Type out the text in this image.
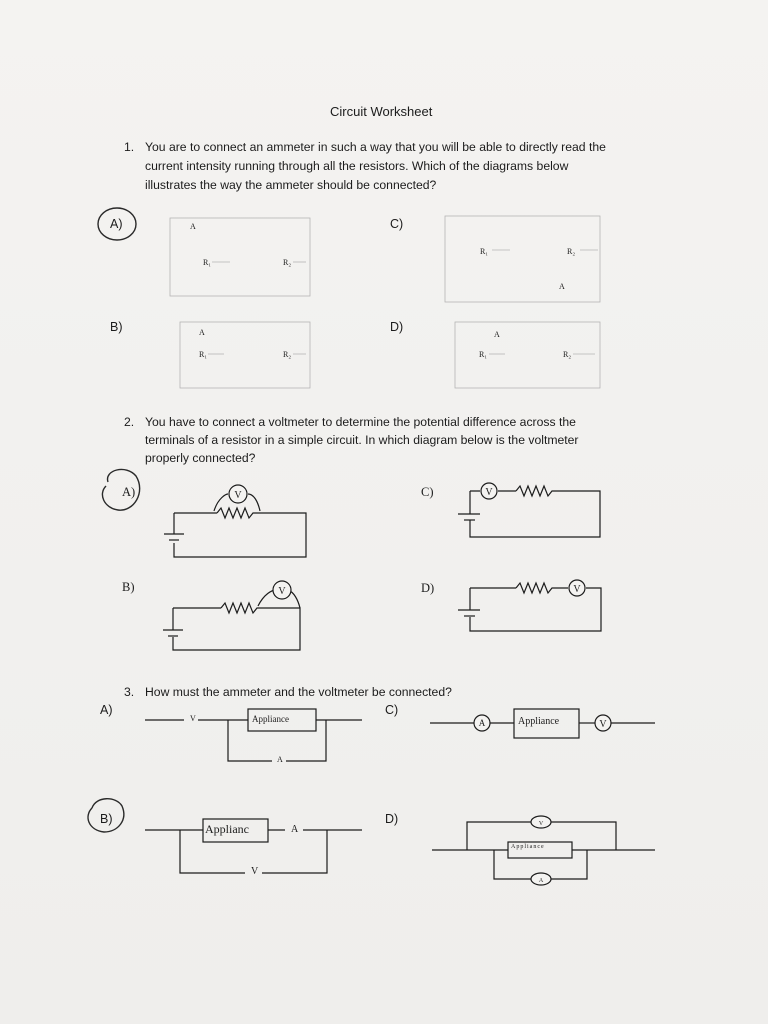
Circuit Worksheet
1. You are to connect an ammeter in such a way that you will be able to directly read the
current intensity running through all the resistors. Which of the diagrams below
illustrates the way the ammeter should be connected?
A)	C)
B)	D)
A
R₁	R₂
R₁	R₂
A
A
R₁	R₂
A
R₁	R₂
2. You have to connect a voltmeter to determine the potential difference across the
terminals of a resistor in a simple circuit. In which diagram below is the voltmeter
properly connected?
A)	C)
B)	D)
3. How must the ammeter and the voltmeter be connected?
A)	C)
B)	D)
V	Appliance
A
Appliance
Applianc	A
V
Appliance
V
V
V
V
A	V
V
A
